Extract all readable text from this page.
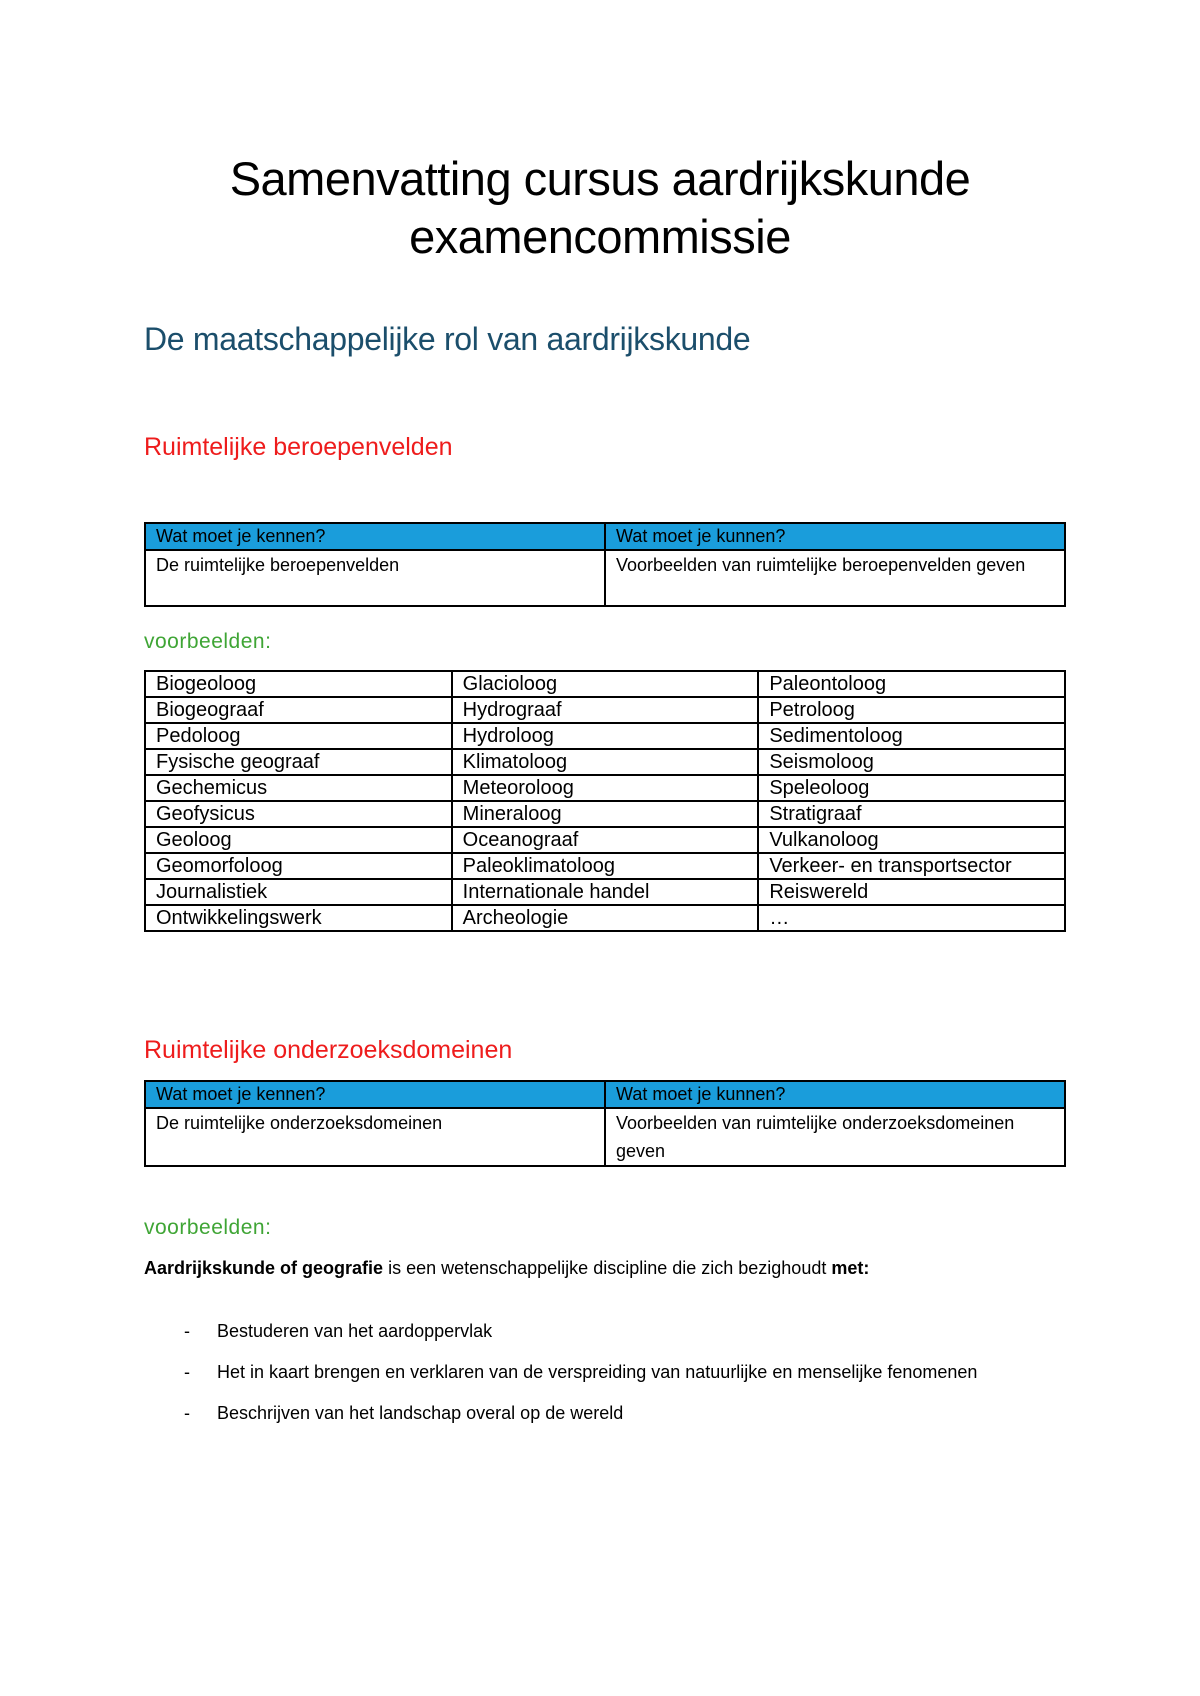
Samenvatting cursus aardrijkskunde
examencommissie
De maatschappelijke rol van aardrijkskunde
Ruimtelijke beroepenvelden
Wat moet je kennen?	Wat moet je kunnen?
De ruimtelijke beroepenvelden	Voorbeelden van ruimtelijke beroepenvelden geven
voorbeelden:
Biogeoloog	Glacioloog	Paleontoloog
Biogeograaf	Hydrograaf	Petroloog
Pedoloog	Hydroloog	Sedimentoloog
Fysische geograaf	Klimatoloog	Seismoloog
Gechemicus	Meteoroloog	Speleoloog
Geofysicus	Mineraloog	Stratigraaf
Geoloog	Oceanograaf	Vulkanoloog
Geomorfoloog	Paleoklimatoloog	Verkeer- en transportsector
Journalistiek	Internationale handel	Reiswereld
Ontwikkelingswerk	Archeologie	…
Ruimtelijke onderzoeksdomeinen
Wat moet je kennen?	Wat moet je kunnen?
De ruimtelijke onderzoeksdomeinen	Voorbeelden van ruimtelijke onderzoeksdomeinen geven
voorbeelden:

Aardrijkskunde of geografie is een wetenschappelijke discipline die zich bezighoudt met:

- Bestuderen van het aardoppervlak
- Het in kaart brengen en verklaren van de verspreiding van natuurlijke en menselijke fenomenen
- Beschrijven van het landschap overal op de wereld
